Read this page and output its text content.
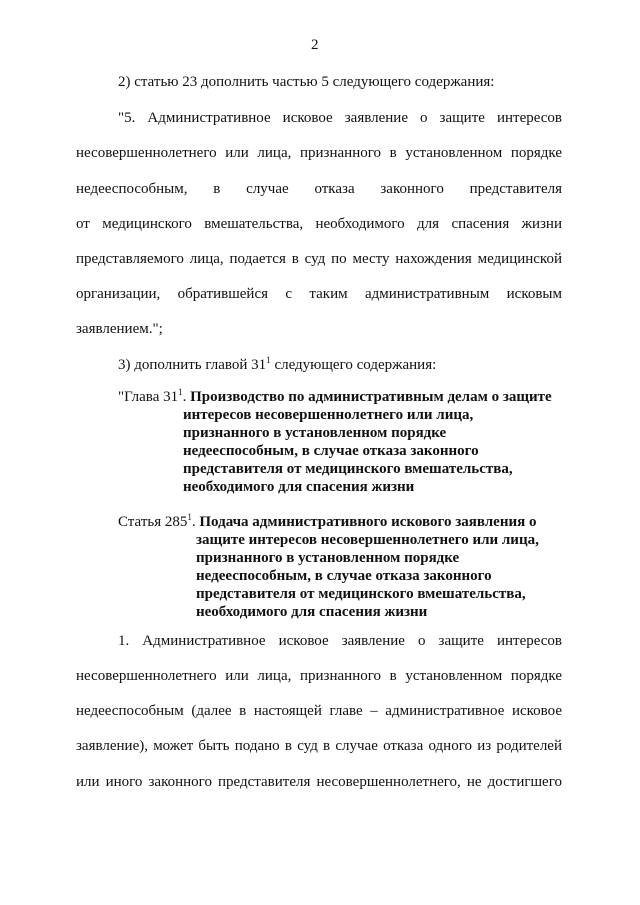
2
2) статью 23 дополнить частью 5 следующего содержания:
"5. Административное исковое заявление о защите интересов
несовершеннолетнего или лица, признанного в установленном порядке
недееспособным, в случае отказа законного представителя
от медицинского вмешательства, необходимого для спасения жизни
представляемого лица, подается в суд по месту нахождения медицинской
организации, обратившейся с таким административным исковым
заявлением.";
3) дополнить главой $31^1$ следующего содержания:
"Глава $31^1$. Производство по административным делам о защите
интересов несовершеннолетнего или лица,
признанного в установленном порядке
недееспособным, в случае отказа законного
представителя от медицинского вмешательства,
необходимого для спасения жизни
Статья $285^1$. Подача административного искового заявления о
защите интересов несовершеннолетнего или лица,
признанного в установленном порядке
недееспособным, в случае отказа законного
представителя от медицинского вмешательства,
необходимого для спасения жизни
1. Административное исковое заявление о защите интересов
несовершеннолетнего или лица, признанного в установленном порядке
недееспособным (далее в настоящей главе – административное исковое
заявление), может быть подано в суд в случае отказа одного из родителей
или иного законного представителя несовершеннолетнего, не достигшего
